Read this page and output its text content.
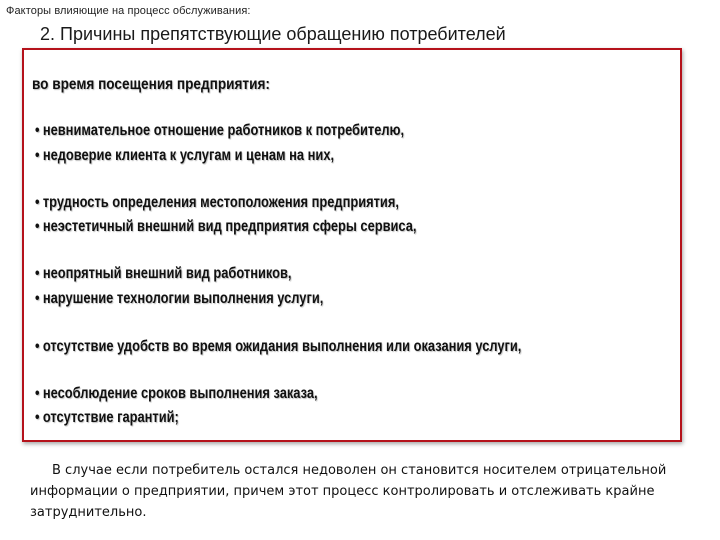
Факторы влияющие на процесс обслуживания:
2. Причины препятствующие обращению потребителей
во время посещения предприятия:
• невнимательное отношение работников к потребителю,
• недоверие клиента к услугам и ценам на них,
• трудность определения местоположения предприятия,
• неэстетичный внешний вид предприятия сферы сервиса,
• неопрятный внешний вид работников,
• нарушение технологии выполнения услуги,
• отсутствие удобств во время ожидания выполнения или оказания услуги,
• несоблюдение сроков выполнения заказа,
• отсутствие гарантий;
В случае если потребитель остался недоволен он становится носителем отрицательной информации о предприятии, причем этот процесс контролировать и отслеживать крайне затруднительно.
